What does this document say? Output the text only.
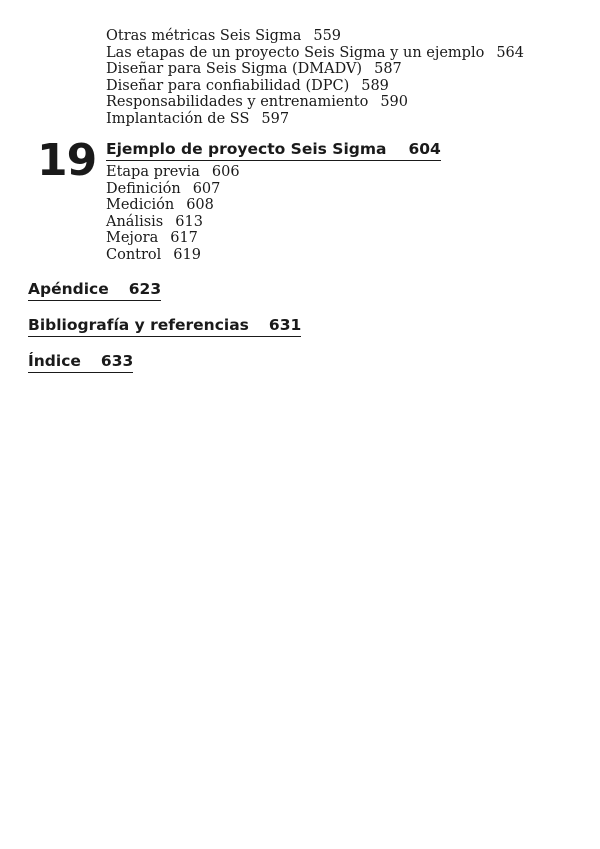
Otras métricas Seis Sigma 559
Las etapas de un proyecto Seis Sigma y un ejemplo 564
Diseñar para Seis Sigma (DMADV) 587
Diseñar para confiabilidad (DPC) 589
Responsabilidades y entrenamiento 590
Implantación de SS 597
19 Ejemplo de proyecto Seis Sigma 604
Etapa previa 606
Definición 607
Medición 608
Análisis 613
Mejora 617
Control 619
Apéndice 623
Bibliografía y referencias 631
Índice 633
